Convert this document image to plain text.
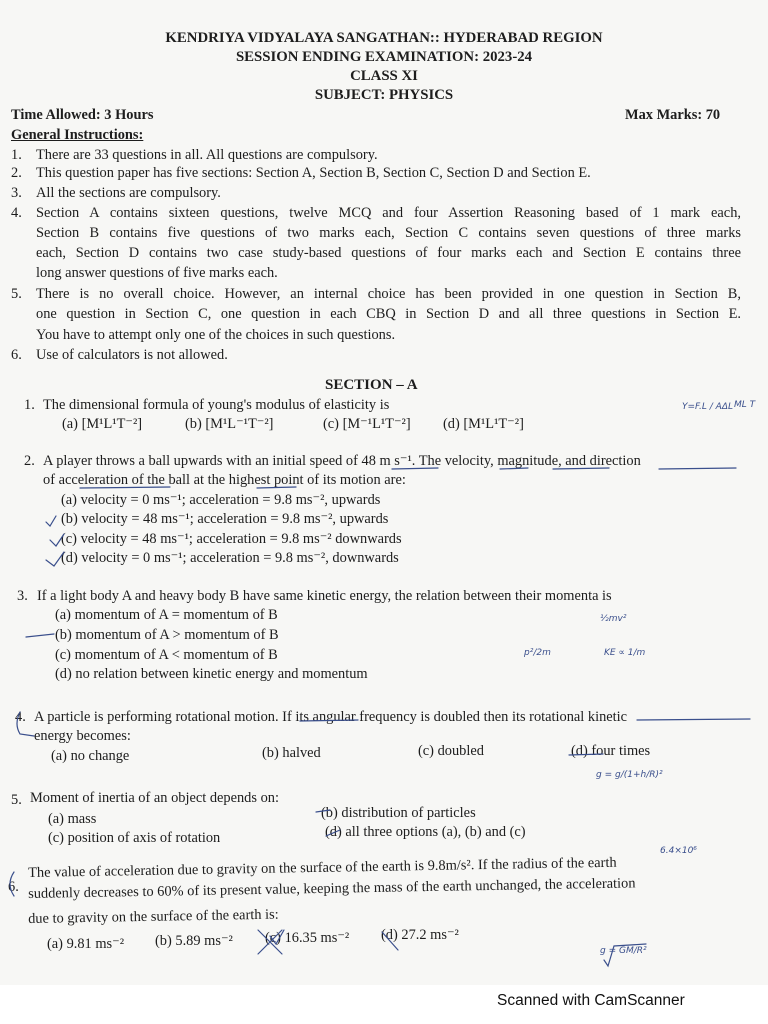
KENDRIYA VIDYALAYA SANGATHAN:: HYDERABAD REGION
SESSION ENDING EXAMINATION: 2023-24
CLASS XI
SUBJECT: PHYSICS
Time Allowed: 3 Hours	Max Marks: 70
General Instructions:
1. There are 33 questions in all. All questions are compulsory.
2. This question paper has five sections: Section A, Section B, Section C, Section D and Section E.
3. All the sections are compulsory.
4. Section A contains sixteen questions, twelve MCQ and four Assertion Reasoning based of 1 mark each,
Section B contains five questions of two marks each, Section C contains seven questions of three marks
each, Section D contains two case study-based questions of four marks each and Section E contains three
long answer questions of five marks each.
5. There is no overall choice. However, an internal choice has been provided in one question in Section B,
one question in Section C, one question in each CBQ in Section D and all three questions in Section E.
You have to attempt only one of the choices in such questions.
6. Use of calculators is not allowed.
SECTION – A
1. The dimensional formula of young's modulus of elasticity is
(a) [M¹L¹T⁻²]	(b) [M¹L⁻¹T⁻²]	(c) [M⁻¹L¹T⁻²] (d) [M¹L¹T⁻²]
2. A player throws a ball upwards with an initial speed of 48 m s⁻¹. The velocity, magnitude, and direction
of acceleration of the ball at the highest point of its motion are:
(a) velocity = 0 ms⁻¹; acceleration = 9.8 ms⁻², upwards
(b) velocity = 48 ms⁻¹; acceleration = 9.8 ms⁻², upwards
(c) velocity = 48 ms⁻¹; acceleration = 9.8 ms⁻² downwards
(d) velocity = 0 ms⁻¹; acceleration = 9.8 ms⁻², downwards
3. If a light body A and heavy body B have same kinetic energy, the relation between their momenta is
(a) momentum of A = momentum of B
(b) momentum of A > momentum of B
(c) momentum of A < momentum of B
(d) no relation between kinetic energy and momentum
4. A particle is performing rotational motion. If its angular frequency is doubled then its rotational kinetic
energy becomes:
(a) no change	(b) halved	(c) doubled	(d) four times
5. Moment of inertia of an object depends on:
(a) mass	(b) distribution of particles
(c) position of axis of rotation	(d) all three options (a), (b) and (c)
6.
The value of acceleration due to gravity on the surface of the earth is 9.8m/s². If the radius of the earth
suddenly decreases to 60% of its present value, keeping the mass of the earth unchanged, the acceleration
due to gravity on the surface of the earth is:
(a) 9.81 ms⁻² (b) 5.89 ms⁻² (c) 16.35 ms⁻² (d) 27.2 ms⁻²
Y=F.L / AΔL ML T
½mv²
p²/2m	KE ∝ 1/m
g = g/(1+h/R)²
6.4×10⁶
g = GM/R²
Scanned with CamScanner
